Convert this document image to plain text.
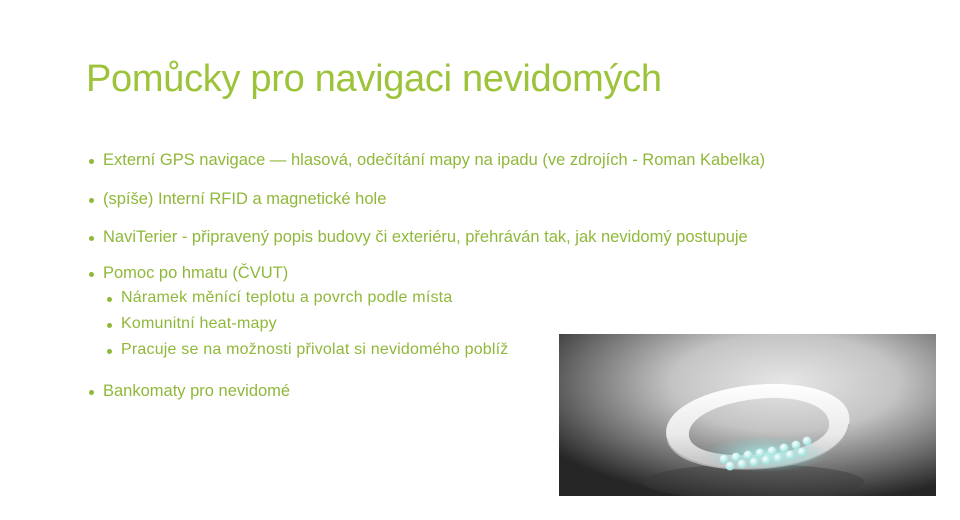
Pomůcky pro navigaci nevidomých
Externí GPS navigace — hlasová, odečítání mapy na ipadu (ve zdrojích - Roman Kabelka)
(spíše) Interní RFID a magnetické hole
NaviTerier - připravený popis budovy či exteriéru, přehráván tak, jak nevidomý postupuje
Pomoc po hmatu (ČVUT)
Náramek měnící teplotu a povrch podle místa
Komunitní heat-mapy
Pracuje se na možnosti přivolat si nevidomého poblíž
Bankomaty pro nevidomé
